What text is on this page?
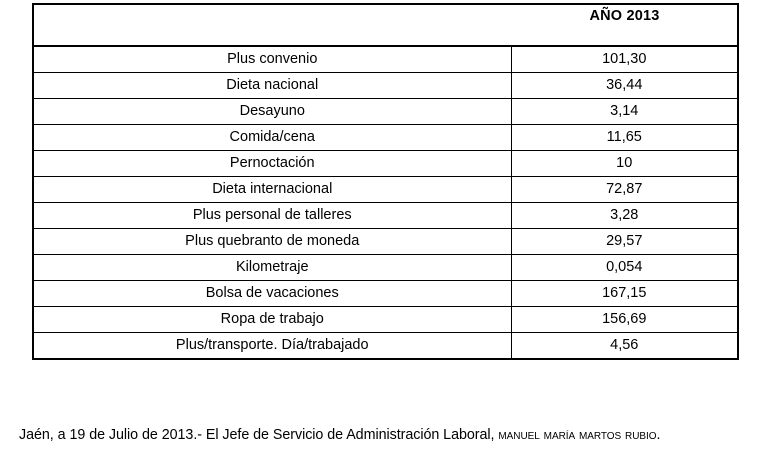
AÑO 2013	

Plus convenio	101,30
Dieta nacional	36,44
Desayuno	3,14
Comida/cena	11,65
Pernoctación	10
Dieta internacional	72,87
Plus personal de talleres	3,28
Plus quebranto de moneda	29,57
Kilometraje	0,054
Bolsa de vacaciones	167,15
Ropa de trabajo	156,69
Plus/transporte. Día/trabajado	4,56
Jaén, a 19 de Julio de 2013.- El Jefe de Servicio de Administración Laboral, manuel maría martos rubio.
